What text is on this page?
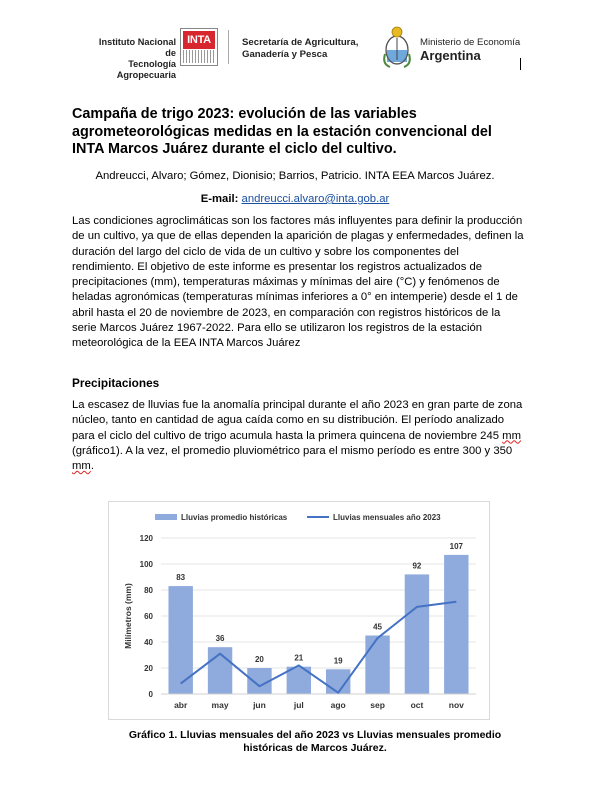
Instituto Nacional de
Tecnología Agropecuaria
INTA	Secretaría de Agricultura,
Ganadería y Pesca
Ministerio de Economía
Argentina
Campaña de trigo 2023: evolución de las variables agrometeorológicas medidas en la estación convencional del INTA Marcos Juárez durante el ciclo del cultivo.
Andreucci, Alvaro; Gómez, Dionisio; Barrios, Patricio. INTA EEA Marcos Juárez.
E-mail: andreucci.alvaro@inta.gob.ar
Las condiciones agroclimáticas son los factores más influyentes para definir la producción de un cultivo, ya que de ellas dependen la aparición de plagas y enfermedades, definen la duración del largo del ciclo de vida de un cultivo y sobre los componentes del rendimiento. El objetivo de este informe es presentar los registros actualizados de precipitaciones (mm), temperaturas máximas y mínimas del aire (°C) y fenómenos de heladas agronómicas (temperaturas mínimas inferiores a 0° en intemperie) desde el 1 de abril hasta el 20 de noviembre de 2023, en comparación con registros históricos de la serie Marcos Juárez 1967-2022. Para ello se utilizaron los registros de la estación meteorológica de la EEA INTA Marcos Juárez
Precipitaciones
La escasez de lluvias fue la anomalía principal durante el año 2023 en gran parte de zona núcleo, tanto en cantidad de agua caída como en su distribución. El período analizado para el ciclo del cultivo de trigo acumula hasta la primera quincena de noviembre 245 mm (gráfico1). A la vez, el promedio pluviométrico para el mismo período es entre 300 y 350 mm.
0
20
40
60
80
100
120
Milímetros (mm)
83
36
20	21	19
45
92
107
abr	may	jun	jul	ago	sep	oct	nov
Lluvias promedio históricas	Lluvias mensuales año 2023
Gráfico 1. Lluvias mensuales del año 2023 vs Lluvias mensuales promedio
históricas de Marcos Juárez.
